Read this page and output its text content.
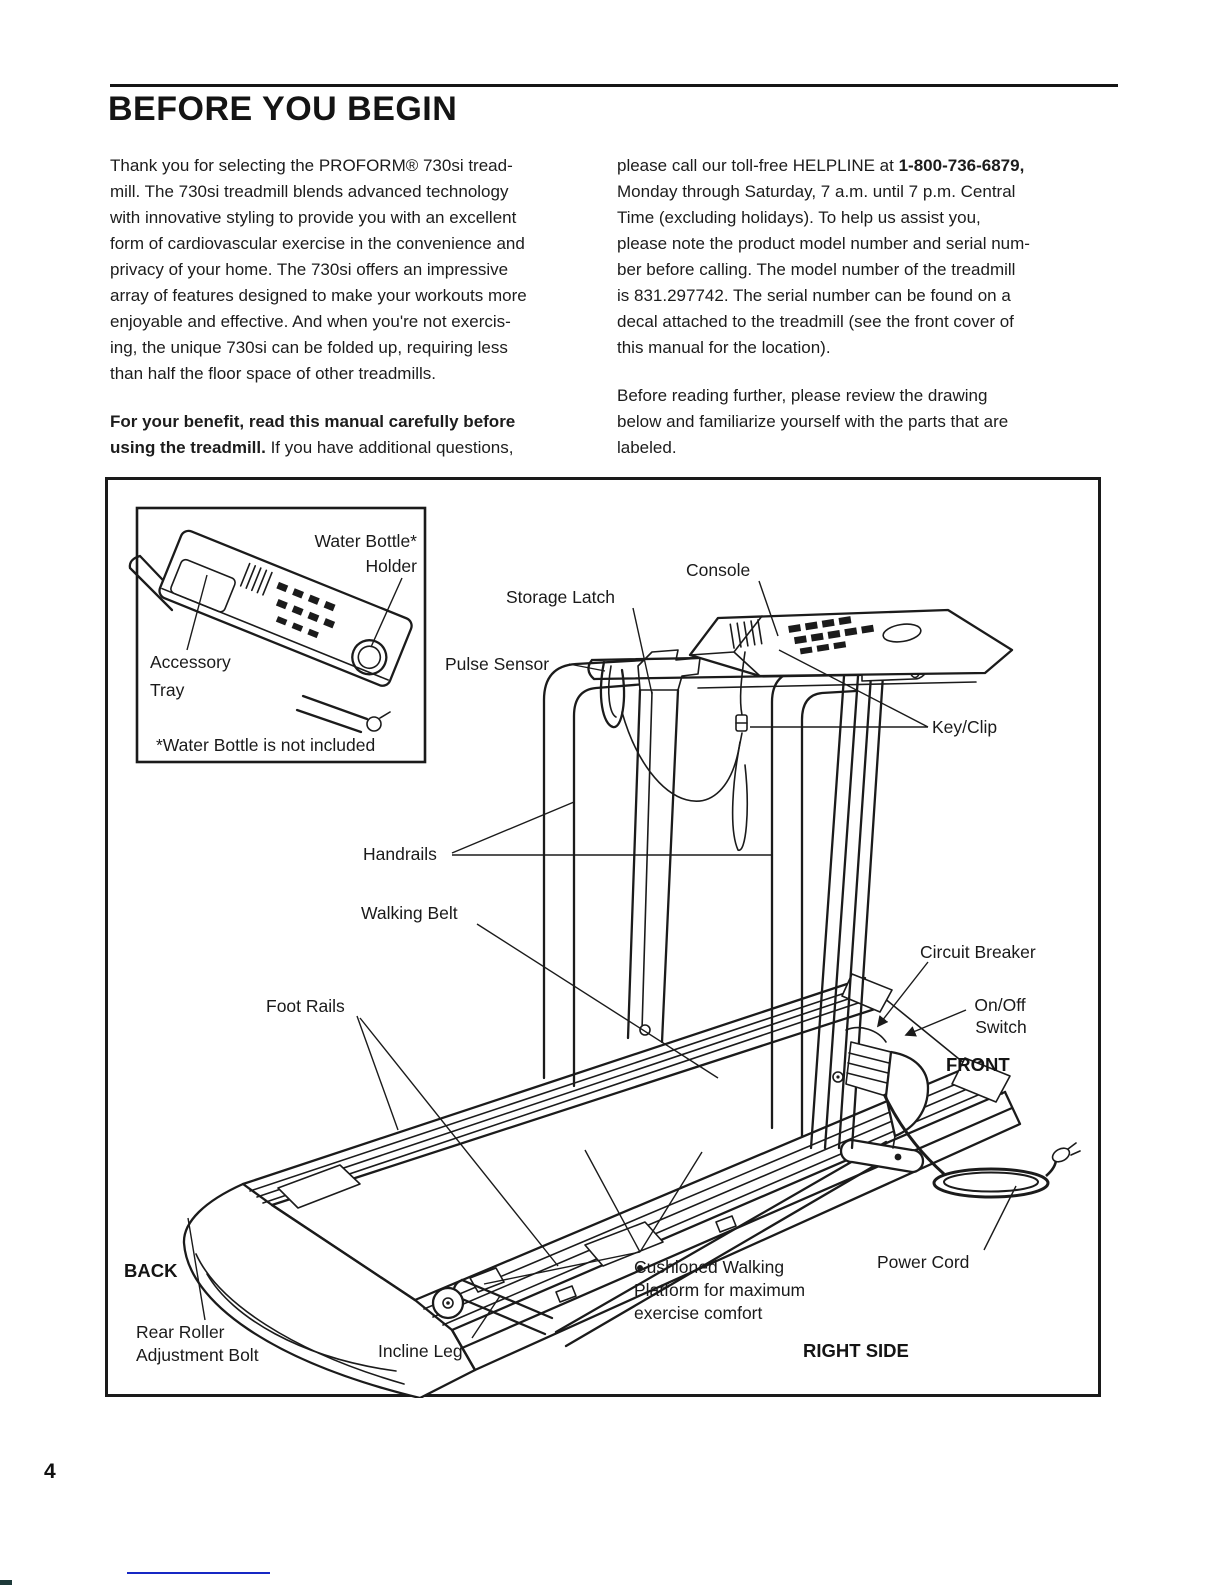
BEFORE YOU BEGIN
Thank you for selecting the PROFORM® 730si tread-
mill. The 730si treadmill blends advanced technology
with innovative styling to provide you with an excellent
form of cardiovascular exercise in the convenience and
privacy of your home. The 730si offers an impressive
array of features designed to make your workouts more
enjoyable and effective. And when you're not exercis-
ing, the unique 730si can be folded up, requiring less
than half the floor space of other treadmills.
For your benefit, read this manual carefully before
using the treadmill. If you have additional questions,
please call our toll-free HELPLINE at 1-800-736-6879,
Monday through Saturday, 7 a.m. until 7 p.m. Central
Time (excluding holidays). To help us assist you,
please note the product model number and serial num-
ber before calling. The model number of the treadmill
is 831.297742. The serial number can be found on a
decal attached to the treadmill (see the front cover of
this manual for the location).
Before reading further, please review the drawing
below and familiarize yourself with the parts that are
labeled.
Storage Latch
Console
Pulse Sensor
Key/Clip
Handrails
Walking Belt
Foot Rails
Circuit Breaker
On/Off
Switch
FRONT
BACK
Rear Roller
Adjustment Bolt	Incline Leg
Cushioned Walking
Platform for maximum
exercise comfort
Power Cord
RIGHT SIDE
Water Bottle*
Holder
Accessory
Tray
*Water Bottle is not included
4
